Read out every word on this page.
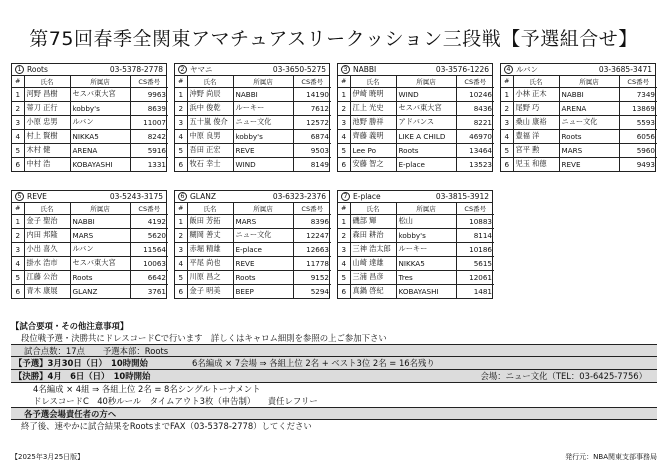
第75回春季全関東アマチュアスリークッション三段戦【予選組合せ】
1 Roots	03-5378-2778
#	氏名	所属店	CS番号
1	河野 昌樹	セスバ東大宮	9963
2	蒂刀 正行	kobby's	8639
3	小原 忠男	ルバン	11007
4	村上 賢樹	NIKKA5	8242
5	木村 健	ARENA	5916
6	中村 浩	KOBAYASHI	1331
2 ヤマニ	03-3650-5275
#	氏名	所属店	CS番号
1	沖野 尚辰	NABBI	14190
2	浜中 俊乾	ルーキー	7612
3	五十嵐 俊介	ニュー文化	12572
4	中原 良男	kobby's	6874
5	吾田 正宏	REVE	9503
6	牧石 幸士	WIND	8149
3 NABBI	03-3576-1226
#	氏名	所属店	CS番号
1	伊崎 暁明	WIND	10246
2	江上 光史	セスバ東大宮	8436
3	池野 勝祥	アドバンス	8221
4	齊藤 義明	LIKE A CHILD	46970
5	Lee Po	Roots	13464
6	安藤 智之	E-place	13523
4 ルバン	03-3685-3471
#	氏名	所属店	CS番号
1	小林 正木	NABBI	7349
2	尾野 巧	ARENA	13869
3	桑山 康裕	ニュー文化	5593
4	豊福 洋	Roots	6056
5	宮平 勲	MARS	5960
6	児玉 和徳	REVE	9493
5 REVE	03-5243-3175
#	氏名	所属店	CS番号
1	金子 聖治	NABBI	4192
2	内田 邦隆	MARS	5620
3	小出 喜久	ルバン	11564
4	掛水 浩市	セスバ東大宮	10063
5	江藤 公治	Roots	6642
6	青木 康展	GLANZ	3761
6 GLANZ	03-6323-2376
#	氏名	所属店	CS番号
1	飯田 芳拓	MARS	8396
2	糊岡 善丈	ニュー文化	12247
3	赤堀 精雄	E-place	12663
4	平尾 尚也	REVE	11778
5	川原 昌之	Roots	9152
6	金子 明美	BEEP	5294
7 E-place	03-3815-3912
#	氏名	所属店	CS番号
1	磯部 輝	松山	10883
2	森田 耕治	kobby's	8114
3	三神 浩太郎	ルーキー	10186
4	山崎 達雄	NIKKA5	5615
5	三浦 昌彦	Tres	12061
6	真鍋 啓紀	KOBAYASHI	1481
【試合要項・その他注意事項】
段位戦予選・決勝共にドレスコードCで行います　詳しくはキャロム細則を参照の上ご参加下さい
試合点数：17点 予選本部：Roots
【予選】3月30日（日）　10時開始	6名編成 × 7会場 ⇒ 各組上位 2名 + ベスト3位 2名 = 16名残り
【決勝】4月　6日（日）　10時開始	会場：ニュー文化（TEL：03-6425-7756）
4名編成 × 4組 ⇒ 各組上位 2名 = 8名シングルトーナメント
ドレスコードC　40秒ルール　タイムアウト3枚（申告制）　　責任レフリー
各予選会場責任者の方へ
終了後、速やかに試合結果をRootsまでFAX（03-5378-2778）してください
【2025年3月25日版】	発行元：NBA関東支部事務局
